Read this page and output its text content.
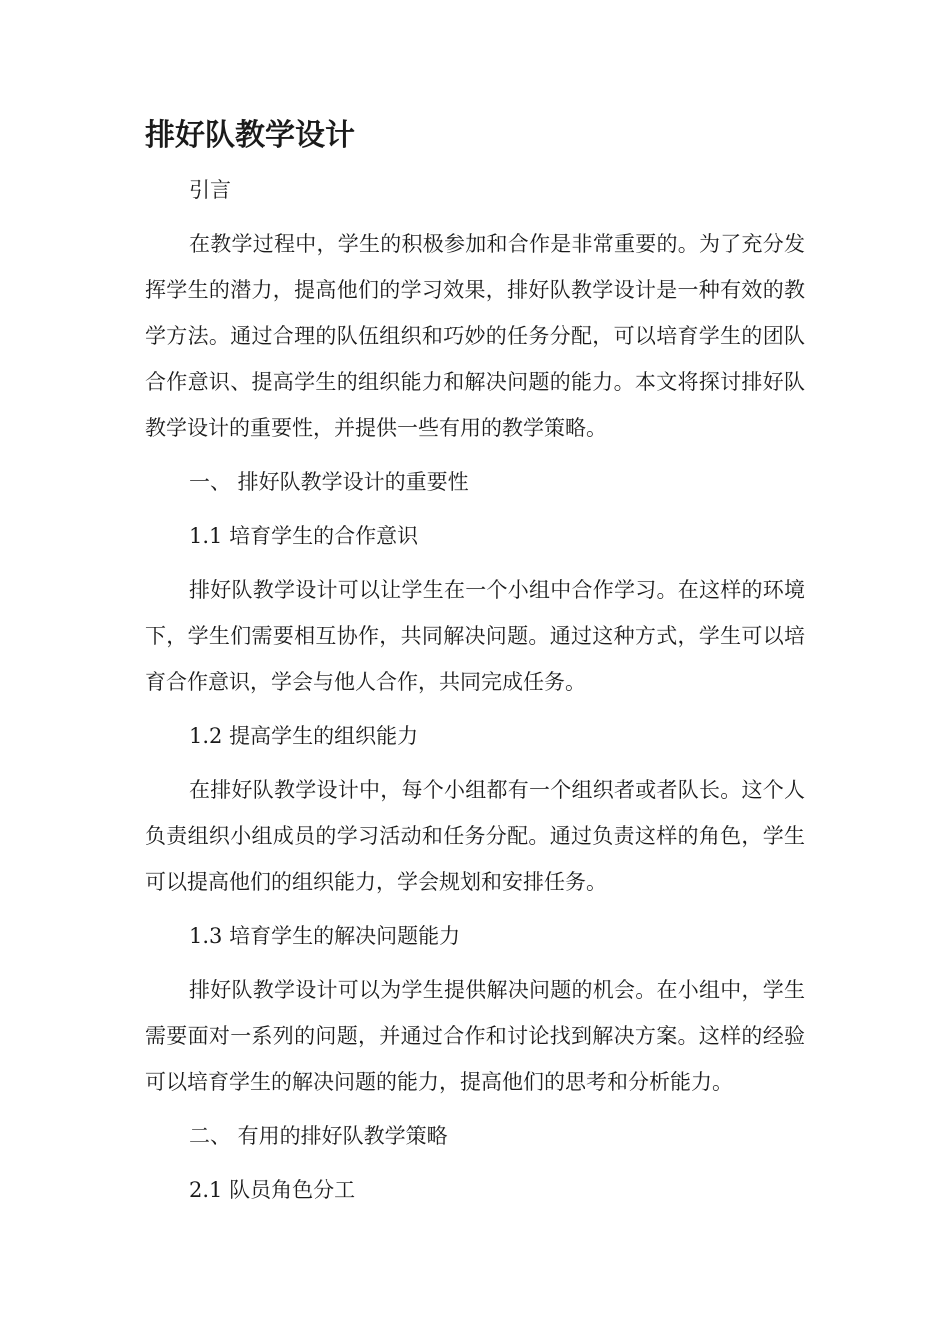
排好队教学设计

引言

在教学过程中，学生的积极参加和合作是非常重要的。为了充分发挥学生的潜力，提高他们的学习效果，排好队教学设计是一种有效的教学方法。通过合理的队伍组织和巧妙的任务分配，可以培育学生的团队合作意识、提高学生的组织能力和解决问题的能力。本文将探讨排好队教学设计的重要性，并提供一些有用的教学策略。

一、 排好队教学设计的重要性

1.1 培育学生的合作意识

排好队教学设计可以让学生在一个小组中合作学习。在这样的环境下，学生们需要相互协作，共同解决问题。通过这种方式，学生可以培育合作意识，学会与他人合作，共同完成任务。

1.2 提高学生的组织能力

在排好队教学设计中，每个小组都有一个组织者或者队长。这个人负责组织小组成员的学习活动和任务分配。通过负责这样的角色，学生可以提高他们的组织能力，学会规划和安排任务。

1.3 培育学生的解决问题能力

排好队教学设计可以为学生提供解决问题的机会。在小组中，学生需要面对一系列的问题，并通过合作和讨论找到解决方案。这样的经验可以培育学生的解决问题的能力，提高他们的思考和分析能力。

二、 有用的排好队教学策略

2.1 队员角色分工
